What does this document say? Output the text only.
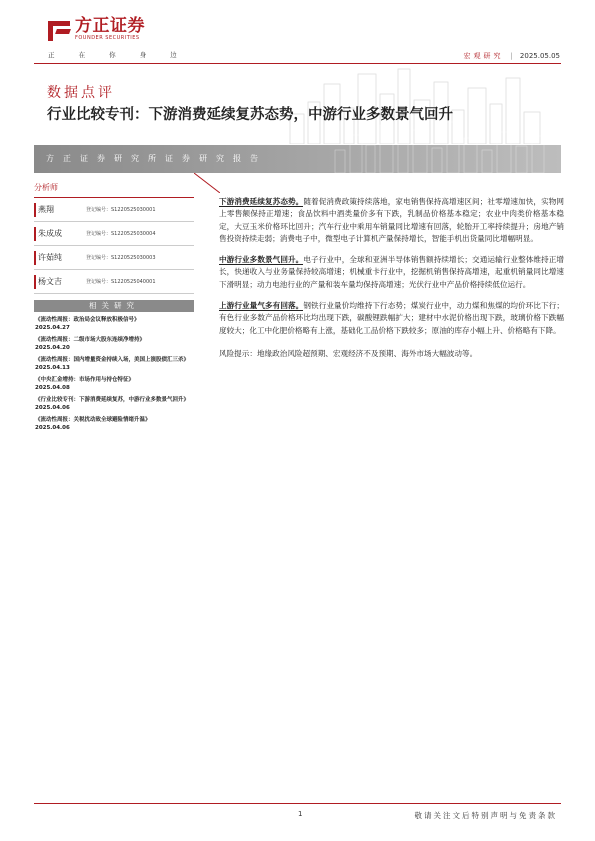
方正证券
FOUNDER SECURITIES
正 在 你 身 边	宏观研究 | 2025.05.05
数据点评
行业比较专刊：下游消费延续复苏态势，中游行业多数景气回升
方正证券研究所证券研究报告
分析师
燕翔	登记编号：S1220525030001
朱成成	登记编号：S1220525030004
许茹纯	登记编号：S1220525030003
杨文吉	登记编号：S1220525040001
相关研究
《流动性周报：政治局会议释放积极信号》
2025.04.27
《流动性周报：二级市场大股东连续净增持》
2025.04.20
《流动性周报：国内增量资金持续入场，美国上演股债汇三杀》
2025.04.13
《中央汇金增持：市场作用与持仓特征》
2025.04.08
《行业比较专刊：下游消费延续复苏，中游行业多数景气回升》
2025.04.06
《流动性周报：关税扰动致全球避险情绪升温》
2025.04.06

下游消费延续复苏态势。随着促消费政策持续落地，家电销售保持高增速区间；社零增速加快，实物网上零售额保持正增速；食品饮料中酒类量价多有下跌，乳制品价格基本稳定；农业中肉类价格基本稳定，大豆玉米价格环比回升；汽车行业中乘用车销量同比增速有回落，轮胎开工率持续提升；房地产销售投资持续走弱；消费电子中，微型电子计算机产量保持增长，智能手机出货量同比增幅明显。

中游行业多数景气回升。电子行业中，全球和亚洲半导体销售额持续增长；交通运输行业整体维持正增长，快递收入与业务量保持较高增速；机械重卡行业中，挖掘机销售保持高增速，起重机销量同比增速下滑明显；动力电池行业的产量和装车量均保持高增速；光伏行业中产品价格持续低位运行。

上游行业量气多有回落。钢铁行业量价均维持下行态势；煤炭行业中，动力煤和焦煤的均价环比下行；有色行业多数产品价格环比均出现下跌，碳酸锂跌幅扩大；建材中水泥价格出现下跌，玻璃价格下跌幅度较大；化工中化肥价格略有上涨，基础化工品价格下跌较多；原油的库存小幅上升、价格略有下降。

风险提示：地缘政治风险超预期、宏观经济不及预期、海外市场大幅波动等。

1	敬请关注文后特别声明与免责条款
